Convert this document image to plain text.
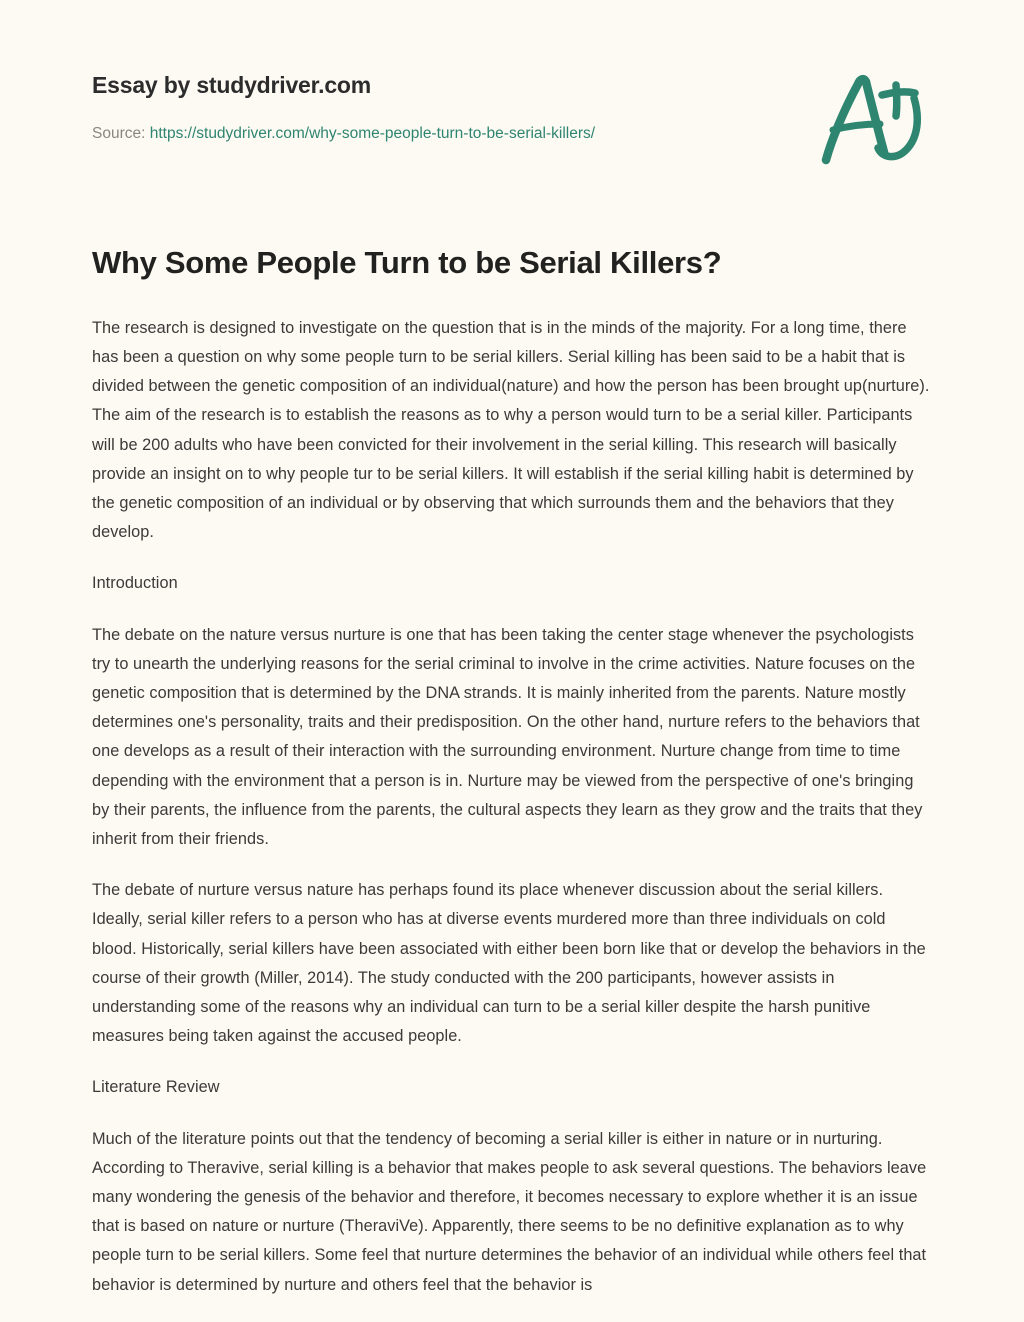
Essay by studydriver.com
Source: https://studydriver.com/why-some-people-turn-to-be-serial-killers/
Why Some People Turn to be Serial Killers?

The research is designed to investigate on the question that is in the minds of the majority. For a long time, there has been a question on why some people turn to be serial killers. Serial killing has been said to be a habit that is divided between the genetic composition of an individual(nature) and how the person has been brought up(nurture). The aim of the research is to establish the reasons as to why a person would turn to be a serial killer. Participants will be 200 adults who have been convicted for their involvement in the serial killing. This research will basically provide an insight on to why people tur to be serial killers. It will establish if the serial killing habit is determined by the genetic composition of an individual or by observing that which surrounds them and the behaviors that they develop.

Introduction

The debate on the nature versus nurture is one that has been taking the center stage whenever the psychologists try to unearth the underlying reasons for the serial criminal to involve in the crime activities. Nature focuses on the genetic composition that is determined by the DNA strands. It is mainly inherited from the parents. Nature mostly determines one's personality, traits and their predisposition. On the other hand, nurture refers to the behaviors that one develops as a result of their interaction with the surrounding environment. Nurture change from time to time depending with the environment that a person is in. Nurture may be viewed from the perspective of one's bringing by their parents, the influence from the parents, the cultural aspects they learn as they grow and the traits that they inherit from their friends.

The debate of nurture versus nature has perhaps found its place whenever discussion about the serial killers. Ideally, serial killer refers to a person who has at diverse events murdered more than three individuals on cold blood. Historically, serial killers have been associated with either been born like that or develop the behaviors in the course of their growth (Miller, 2014). The study conducted with the 200 participants, however assists in understanding some of the reasons why an individual can turn to be a serial killer despite the harsh punitive measures being taken against the accused people.

Literature Review

Much of the literature points out that the tendency of becoming a serial killer is either in nature or in nurturing. According to Theravive, serial killing is a behavior that makes people to ask several questions. The behaviors leave many wondering the genesis of the behavior and therefore, it becomes necessary to explore whether it is an issue that is based on nature or nurture (TheraviVe). Apparently, there seems to be no definitive explanation as to why people turn to be serial killers. Some feel that nurture determines the behavior of an individual while others feel that behavior is determined by nurture and others feel that the behavior is
